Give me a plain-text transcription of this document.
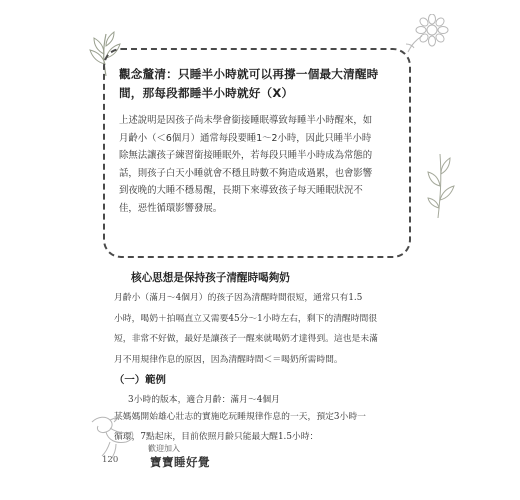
觀念釐清：只睡半小時就可以再撐一個最大清醒時
間，那每段都睡半小時就好（X）

上述說明是因孩子尚未學會銜接睡眠導致每睡半小時醒來，如

月齡小（＜6個月）通常每段要睡1～2小時，因此只睡半小時

除無法讓孩子練習銜接睡眠外，若每段只睡半小時成為常態的

話，則孩子白天小睡就會不穩且時數不夠造成過累，也會影響

到夜晚的大睡不穩易醒，長期下來導致孩子每天睡眠狀況不

佳，惡性循環影響發展。

核心思想是保持孩子清醒時喝夠奶

月齡小（滿月～4個月）的孩子因為清醒時間很短，通常只有1.5

小時，喝奶＋拍嗝直立又需要45分～1小時左右，剩下的清醒時間很

短，非常不好做，最好是讓孩子一醒來就喝奶才達得到。這也是未滿

月不用規律作息的原因，因為清醒時間＜＝喝奶所需時間。

（一）範例
3小時的版本，適合月齡：滿月～4個月

某媽媽開始雄心壯志的實施吃玩睡規律作息的一天，預定3小時一

循環，7點起床，目前依照月齡只能最大醒1.5小時：

120
歡迎加入
寶寶睡好覺
